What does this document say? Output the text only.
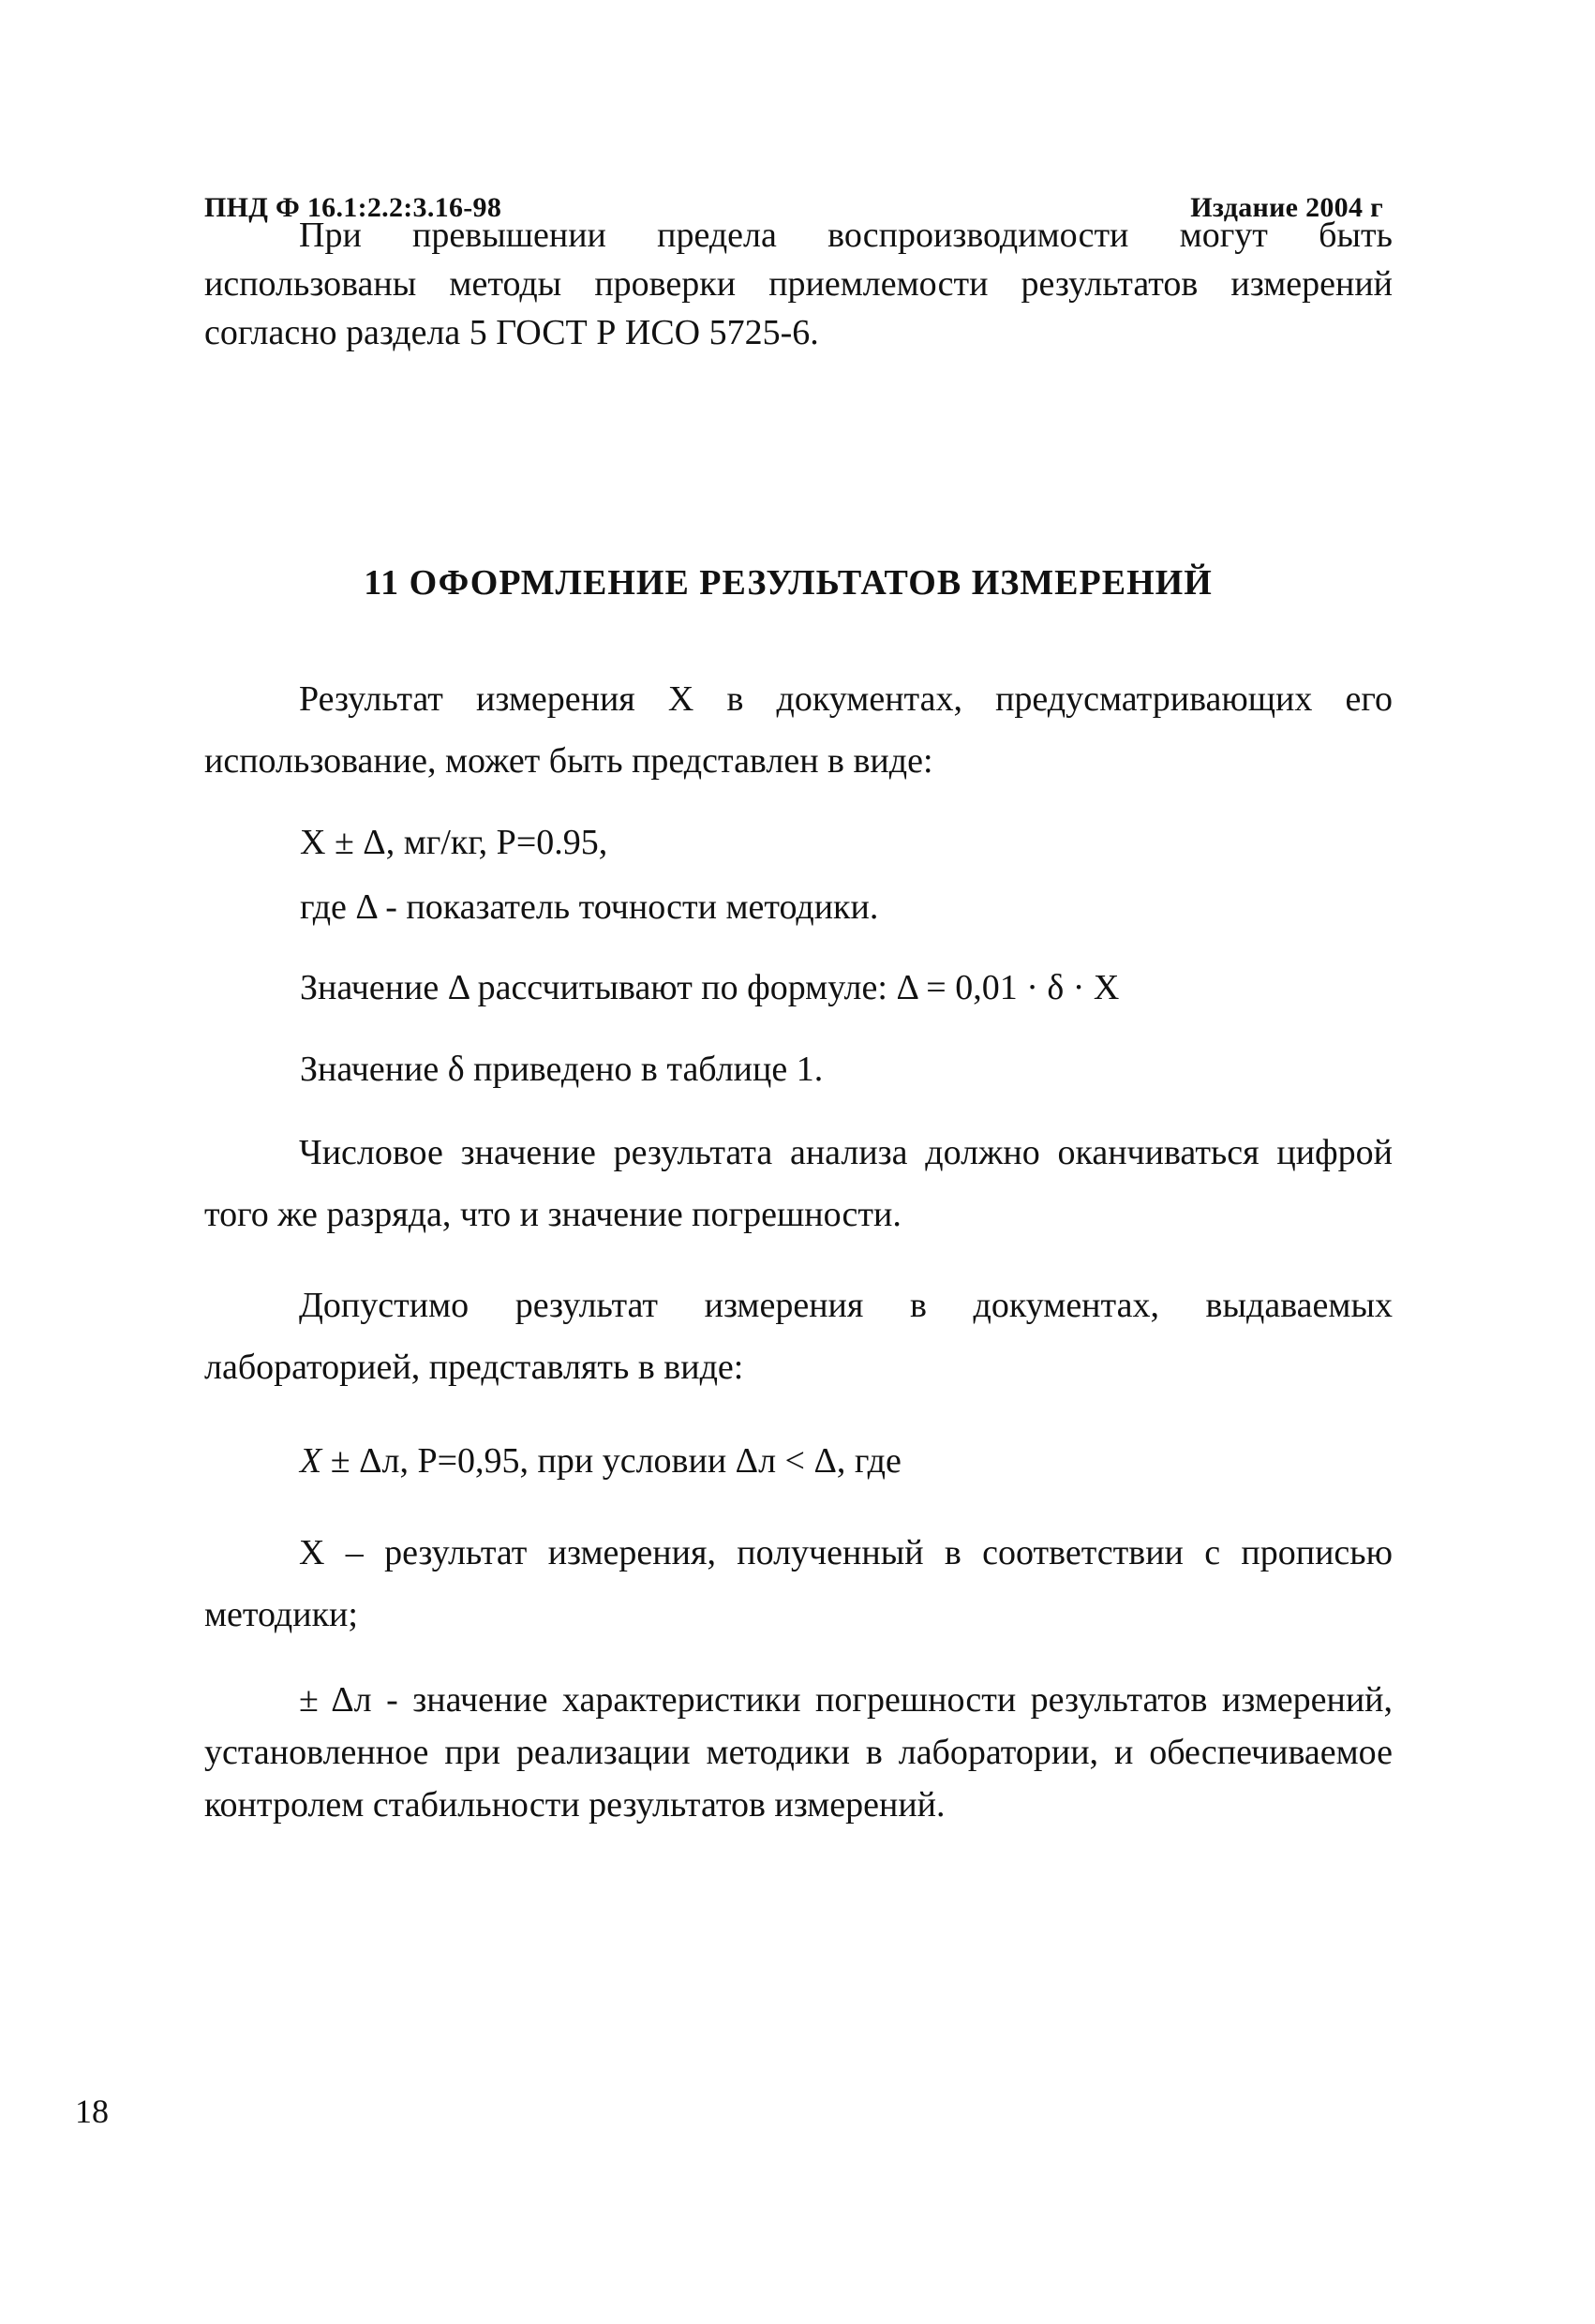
ПНД Ф 16.1:2.2:3.16-98	Издание 2004 г

При превышении предела воспроизводимости могут быть использованы методы проверки приемлемости результатов измерений согласно раздела 5 ГОСТ Р ИСО 5725-6.

11 ОФОРМЛЕНИЕ РЕЗУЛЬТАТОВ ИЗМЕРЕНИЙ

Результат измерения X в документах, предусматривающих его использование, может быть представлен в виде:

X ± Δ, мг/кг, P=0.95,

где Δ - показатель точности методики.

Значение Δ рассчитывают по формуле: Δ = 0,01 · δ · X

Значение δ приведено в таблице 1.

Числовое значение результата анализа должно оканчиваться цифрой того же разряда, что и значение погрешности.

Допустимо результат измерения в документах, выдаваемых лабораторией, представлять в виде:

X ± Δл, P=0,95, при условии Δл < Δ, где

X – результат измерения, полученный в соответствии с прописью методики;

± Δл - значение характеристики погрешности результатов измерений, установленное при реализации методики в лаборатории, и обеспечиваемое контролем стабильности результатов измерений.

18
